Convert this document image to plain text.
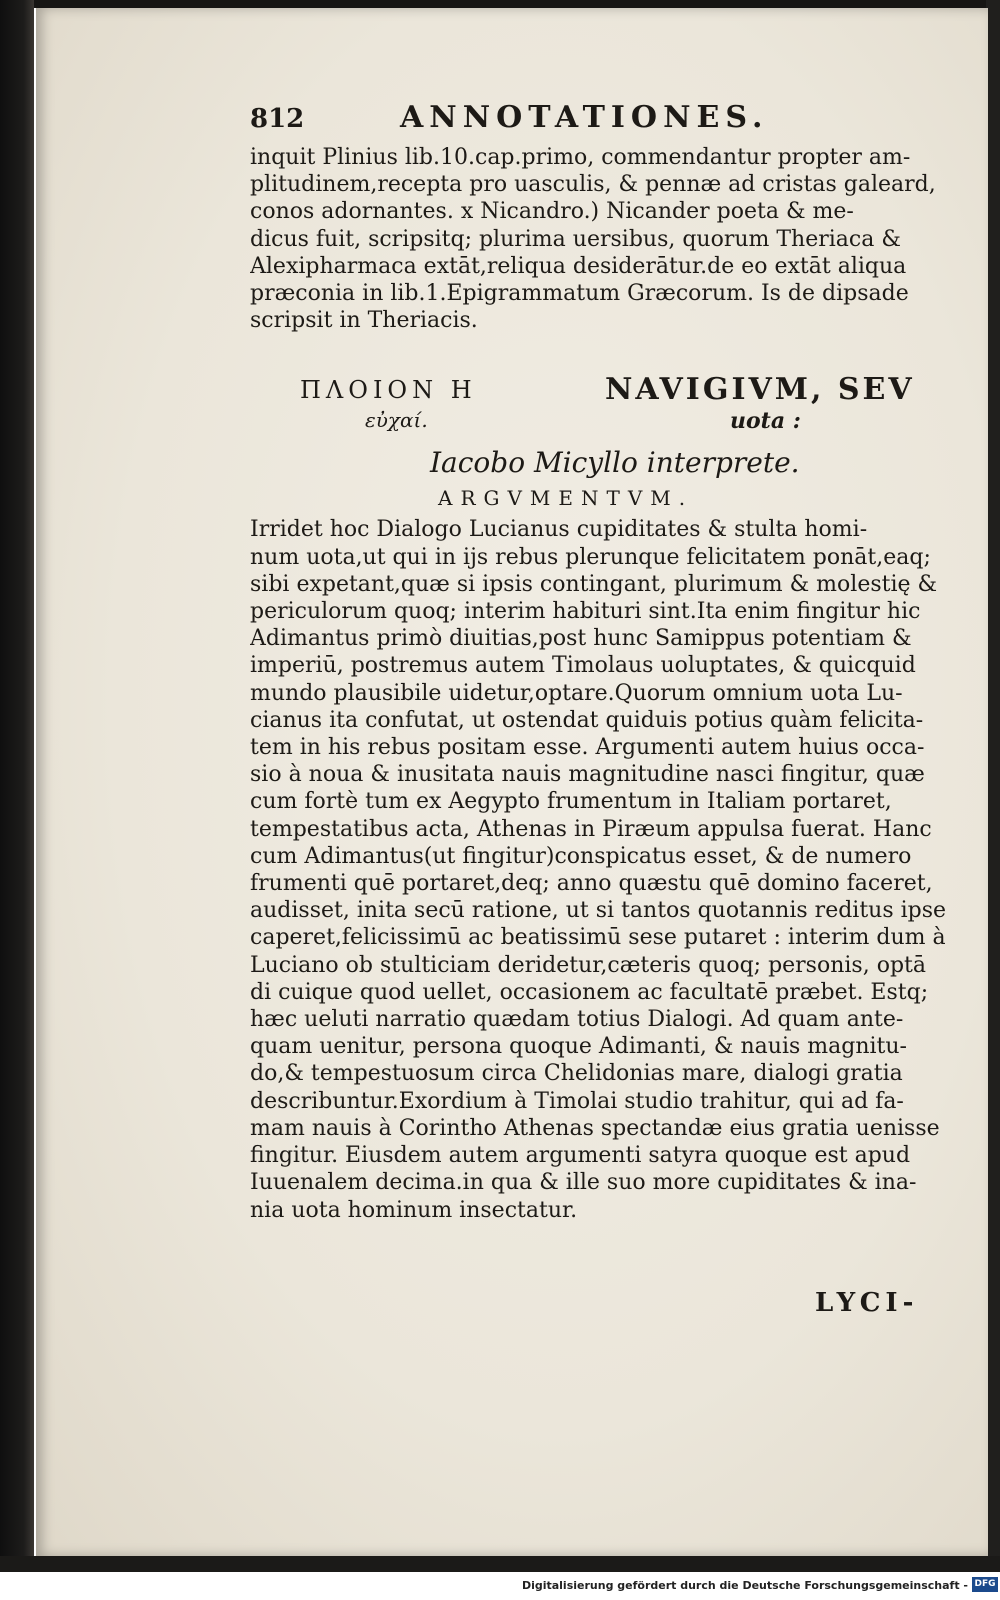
812	ANNOTATIONES.

inquit Plinius lib.10.cap.primo, commendantur propter am-
plitudinem,recepta pro uasculis, & pennæ ad cristas galeard,
conos adornantes. x Nicandro.) Nicander poeta & me-
dicus fuit, scripsitq; plurima uersibus, quorum Theriaca &
Alexipharmaca extāt,reliqua desiderātur.de eo extāt aliqua
præconia in lib.1.Epigrammatum Græcorum. Is de dipsade
scripsit in Theriacis.

ΠΛΟΙΟΝ Η
εὐχαί.
NAVIGIVM, SEV
uota :
Iacobo Micyllo interprete.
ARGVMENTVM.

Irridet hoc Dialogo Lucianus cupiditates & stulta homi-
num uota,ut qui in ijs rebus plerunque felicitatem ponāt,eaq;
sibi expetant,quæ si ipsis contingant, plurimum & molestię &
periculorum quoq; interim habituri sint.Ita enim fingitur hic
Adimantus primò diuitias,post hunc Samippus potentiam &
imperiū, postremus autem Timolaus uoluptates, & quicquid
mundo plausibile uidetur,optare.Quorum omnium uota Lu-
cianus ita confutat, ut ostendat quiduis potius quàm felicita-
tem in his rebus positam esse. Argumenti autem huius occa-
sio à noua & inusitata nauis magnitudine nasci fingitur, quæ
cum fortè tum ex Aegypto frumentum in Italiam portaret,
tempestatibus acta, Athenas in Piræum appulsa fuerat. Hanc
cum Adimantus(ut fingitur)conspicatus esset, & de numero
frumenti quē portaret,deq; anno quæstu quē domino faceret,
audisset, inita secū ratione, ut si tantos quotannis reditus ipse
caperet,felicissimū ac beatissimū sese putaret : interim dum à
Luciano ob stulticiam deridetur,cæteris quoq; personis, optā
di cuique quod uellet, occasionem ac facultatē præbet. Estq;
hæc ueluti narratio quædam totius Dialogi. Ad quam ante-
quam uenitur, persona quoque Adimanti, & nauis magnitu-
do,& tempestuosum circa Chelidonias mare, dialogi gratia
describuntur.Exordium à Timolai studio trahitur, qui ad fa-
mam nauis à Corintho Athenas spectandæ eius gratia uenisse
fingitur. Eiusdem autem argumenti satyra quoque est apud
Iuuenalem decima.in qua & ille suo more cupiditates & ina-
nia uota hominum insectatur.

LYCI-
Digitalisierung gefördert durch die Deutsche Forschungsgemeinschaft - DFG
